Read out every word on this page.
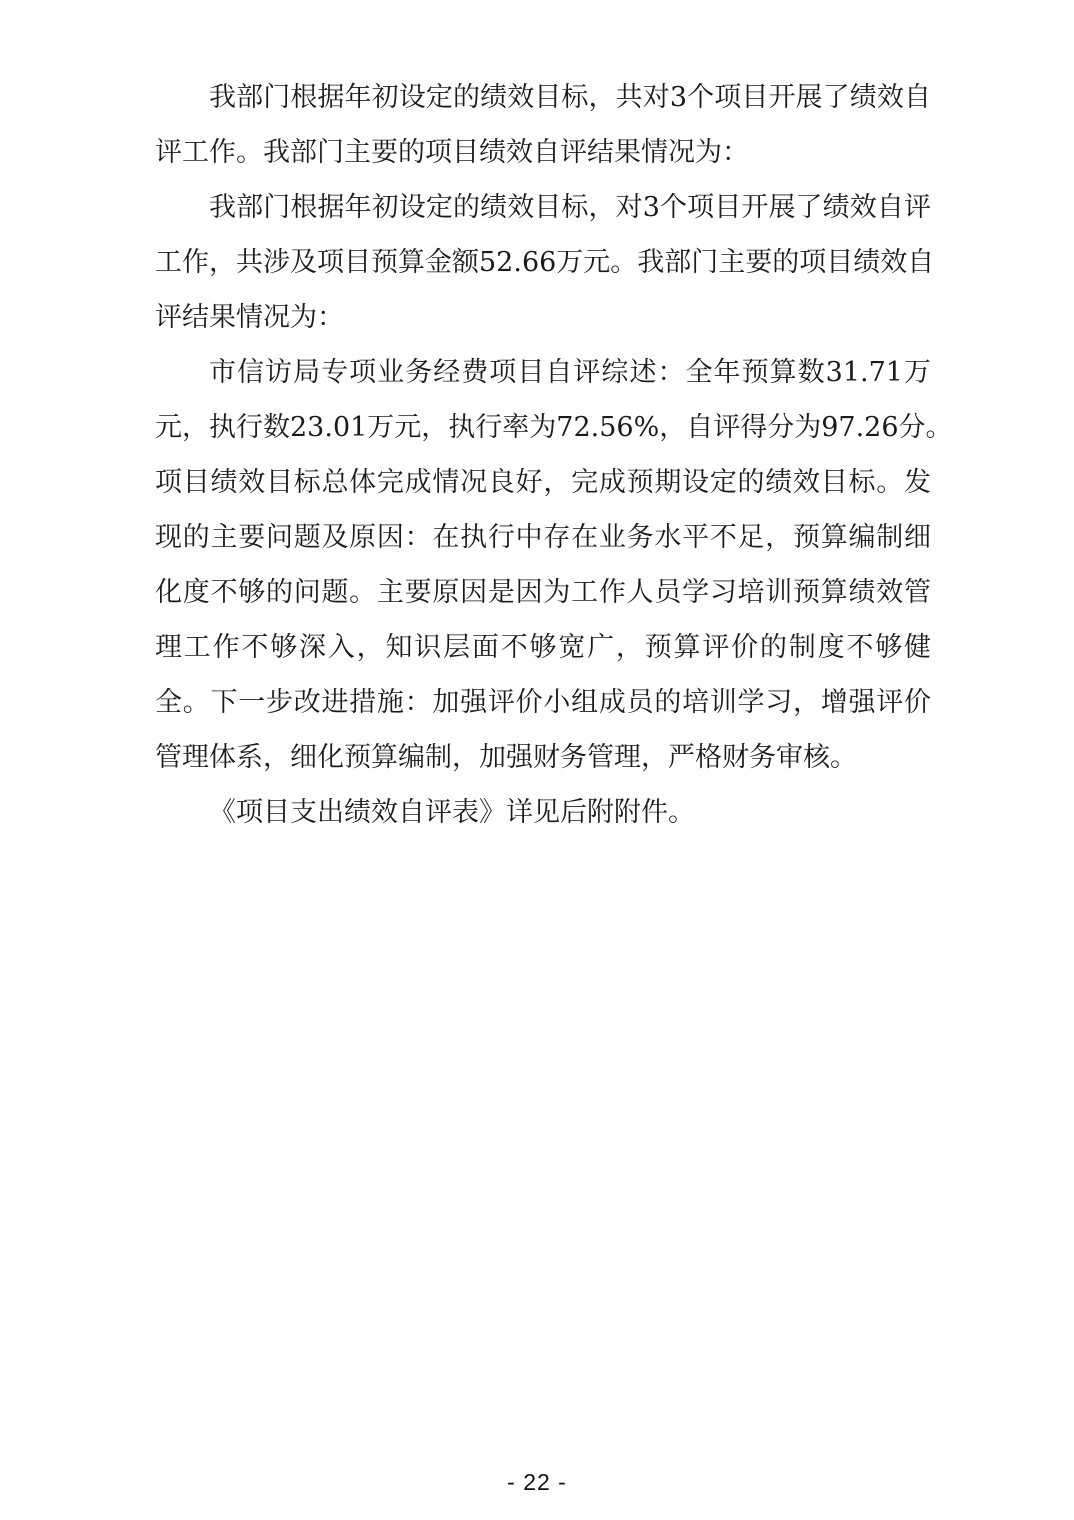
我部门根据年初设定的绩效目标，共对3个项目开展了绩效自
评工作。我部门主要的项目绩效自评结果情况为：
我部门根据年初设定的绩效目标，对3个项目开展了绩效自评
工作，共涉及项目预算金额52.66万元。我部门主要的项目绩效自
评结果情况为：
市信访局专项业务经费项目自评综述：全年预算数31.71万
元，执行数23.01万元，执行率为72.56%，自评得分为97.26分。
项目绩效目标总体完成情况良好，完成预期设定的绩效目标。发
现的主要问题及原因：在执行中存在业务水平不足，预算编制细
化度不够的问题。主要原因是因为工作人员学习培训预算绩效管
理工作不够深入，知识层面不够宽广，预算评价的制度不够健
全。下一步改进措施：加强评价小组成员的培训学习，增强评价
管理体系，细化预算编制，加强财务管理，严格财务审核。
《项目支出绩效自评表》详见后附附件。
- 22 -
